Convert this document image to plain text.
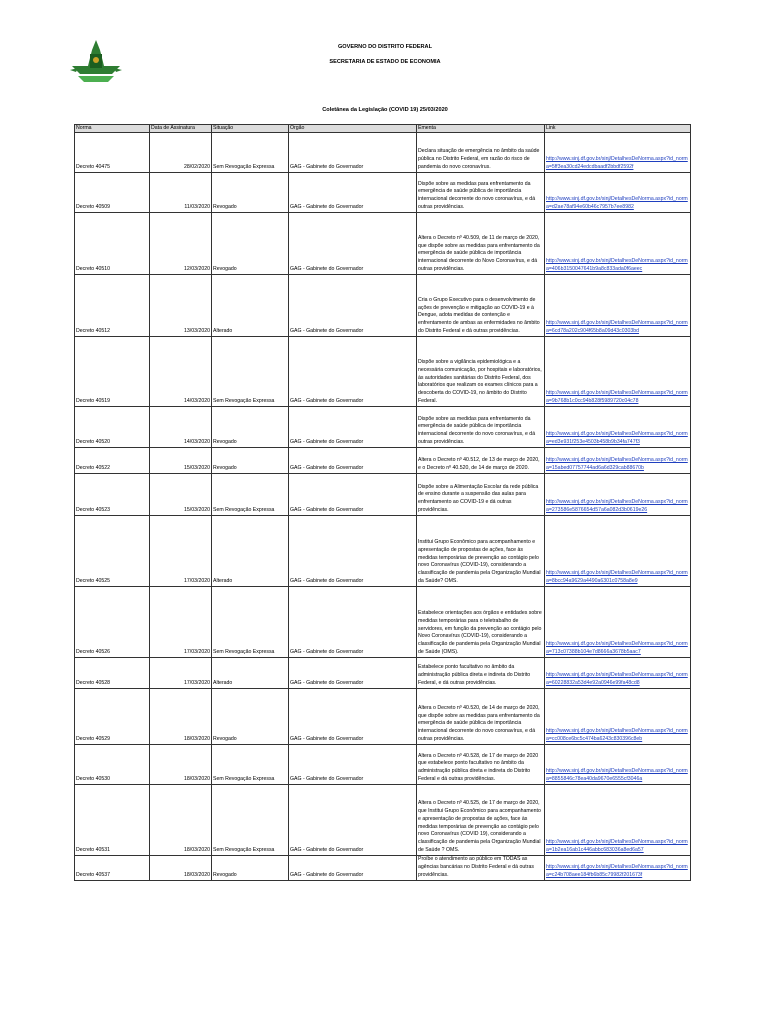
GOVERNO DO DISTRITO FEDERAL
SECRETARIA DE ESTADO DE ECONOMIA
Coletânea da Legislação (COVID 19) 25/03/2020
Norma	Data de Assinatura	Situação	Órgão	Ementa	Link
Decreto 40475	28/02/2020	Sem Revogação Expressa	GAG - Gabinete do Governador	Declara situação de emergência no âmbito da saúde pública no Distrito Federal, em razão do risco de pandemia do novo coronavírus.	http://www.sinj.df.gov.br/sinj/DetalhesDeNorma.aspx?id_norma=5ff3ea30cd24edcdbaadf2bbdf2592f
Decreto 40509	11/03/2020	Revogado	GAG - Gabinete do Governador	Dispõe sobre as medidas para enfrentamento da emergência de saúde pública de importância internacional decorrente do novo coronavírus, e dá outras providências.	http://www.sinj.df.gov.br/sinj/DetalhesDeNorma.aspx?id_norma=d2ae78af94e60b46c7957b7ee8982
Decreto 40510	12/03/2020	Revogado	GAG - Gabinete do Governador	Altera o Decreto nº 40.509, de 11 de março de 2020, que dispõe sobre as medidas para enfrentamento da emergência de saúde pública de importância internacional decorrente do Novo Coronavírus, e dá outras providências.	http://www.sinj.df.gov.br/sinj/DetalhesDeNorma.aspx?id_norma=406b3150047641b9a8c833ada0f6aeec
Decreto 40512	13/03/2020	Alterado	GAG - Gabinete do Governador	Cria o Grupo Executivo para o desenvolvimento de ações de prevenção e mitigação ao COVID-19 e à Dengue, adota medidas de contenção e enfrentamento de ambas as enfermidades no âmbito do Distrito Federal e dá outras providências.	http://www.sinj.df.gov.br/sinj/DetalhesDeNorma.aspx?id_norma=6cd78a202c904f65b8a09d43c0303bd
Decreto 40519	14/03/2020	Sem Revogação Expressa	GAG - Gabinete do Governador	Dispõe sobre a vigilância epidemiológica e a necessária comunicação, por hospitais e laboratórios, às autoridades sanitárias do Distrito Federal, dos laboratórios que realizam os exames clínicos para a descoberta do COVID-19, no âmbito do Distrito Federal.	http://www.sinj.df.gov.br/sinj/DetalhesDeNorma.aspx?id_norma=9b768b1c0cc94b828f5989720c04c78
Decreto 40520	14/03/2020	Revogado	GAG - Gabinete do Governador	Dispõe sobre as medidas para enfrentamento da emergência de saúde pública de importância internacional decorrente do novo coronavírus, e dá outras providências.	http://www.sinj.df.gov.br/sinj/DetalhesDeNorma.aspx?id_norma=ed3e931f253e4503b458b9b34fa747f3
Decreto 40522	15/03/2020	Revogado	GAG - Gabinete do Governador	Altera o Decreto nº 40.512, de 13 de março de 2020, e o Decreto nº 40.520, de 14 de março de 2020.	http://www.sinj.df.gov.br/sinj/DetalhesDeNorma.aspx?id_norma=15abed07757744ad6a6d329cab88670b
Decreto 40523	15/03/2020	Sem Revogação Expressa	GAG - Gabinete do Governador	Dispõe sobre a Alimentação Escolar da rede pública de ensino durante a suspensão das aulas para enfrentamento ao COVID-19 e dá outras providências.	http://www.sinj.df.gov.br/sinj/DetalhesDeNorma.aspx?id_norma=273586e5876654d57a6a082d3b0619e26
Decreto 40525	17/03/2020	Alterado	GAG - Gabinete do Governador	Institui Grupo Econômico para acompanhamento e apresentação de propostas de ações, face às medidas temporárias de prevenção ao contágio pelo novo Coronavírus (COVID-19), considerando a classificação de pandemia pela Organização Mundial da Saúde? OMS.	http://www.sinj.df.gov.br/sinj/DetalhesDeNorma.aspx?id_norma=8bcc94a9629a4490a6301c0758a8e9
Decreto 40526	17/03/2020	Sem Revogação Expressa	GAG - Gabinete do Governador	Estabelece orientações aos órgãos e entidades sobre medidas temporárias para o teletrabalho de servidores, em função da prevenção ao contágio pelo Novo Coronavírus (COVID-19), considerando a classificação de pandemia pela Organização Mundial de Saúde (OMS).	http://www.sinj.df.gov.br/sinj/DetalhesDeNorma.aspx?id_norma=713c07388b104e7d8666a3678b5aac7
Decreto 40528	17/03/2020	Alterado	GAG - Gabinete do Governador	Estabelece ponto facultativo no âmbito da administração pública direta e indireta do Distrito Federal, e dá outras providências.	http://www.sinj.df.gov.br/sinj/DetalhesDeNorma.aspx?id_norma=60228832a53d4e92a0946e99fa48cd8
Decreto 40529	18/03/2020	Revogado	GAG - Gabinete do Governador	Altera o Decreto nº 40.520, de 14 de março de 2020, que dispõe sobre as medidas para enfrentamento da emergência de saúde pública de importância internacional decorrente do novo coronavírus, e dá outras providências.	http://www.sinj.df.gov.br/sinj/DetalhesDeNorma.aspx?id_norma=cc008ce6bc5c474ba6243c830396c8eb
Decreto 40530	18/03/2020	Sem Revogação Expressa	GAG - Gabinete do Governador	Altera o Decreto nº 40.528, de 17 de março de 2020 que estabelece ponto facultativo no âmbito da administração pública direta e indireta do Distrito Federal e dá outras providências.	http://www.sinj.df.gov.br/sinj/DetalhesDeNorma.aspx?id_norma=8855846c78ea40da9670e6555cf3046a
Decreto 40531	18/03/2020	Sem Revogação Expressa	GAG - Gabinete do Governador	Altera o Decreto nº 40.525, de 17 de março de 2020, que Institui Grupo Econômico para acompanhamento e apresentação de propostas de ações, face às medidas temporárias de prevenção ao contágio pelo novo Coronavírus (COVID 19), considerando a classificação de pandemia pela Organização Mundial de Saúde ? OMS.	http://www.sinj.df.gov.br/sinj/DetalhesDeNorma.aspx?id_norma=1b2ea16ab1c446abbc683036a8ed6a57
Decreto 40537	18/03/2020	Revogado	GAG - Gabinete do Governador	Proíbe o atendimento ao público em TODAS as agências bancárias no Distrito Federal e dá outras providências.	http://www.sinj.df.gov.br/sinj/DetalhesDeNorma.aspx?id_norma=c24b708aee184fb6b85c79982f201673f
